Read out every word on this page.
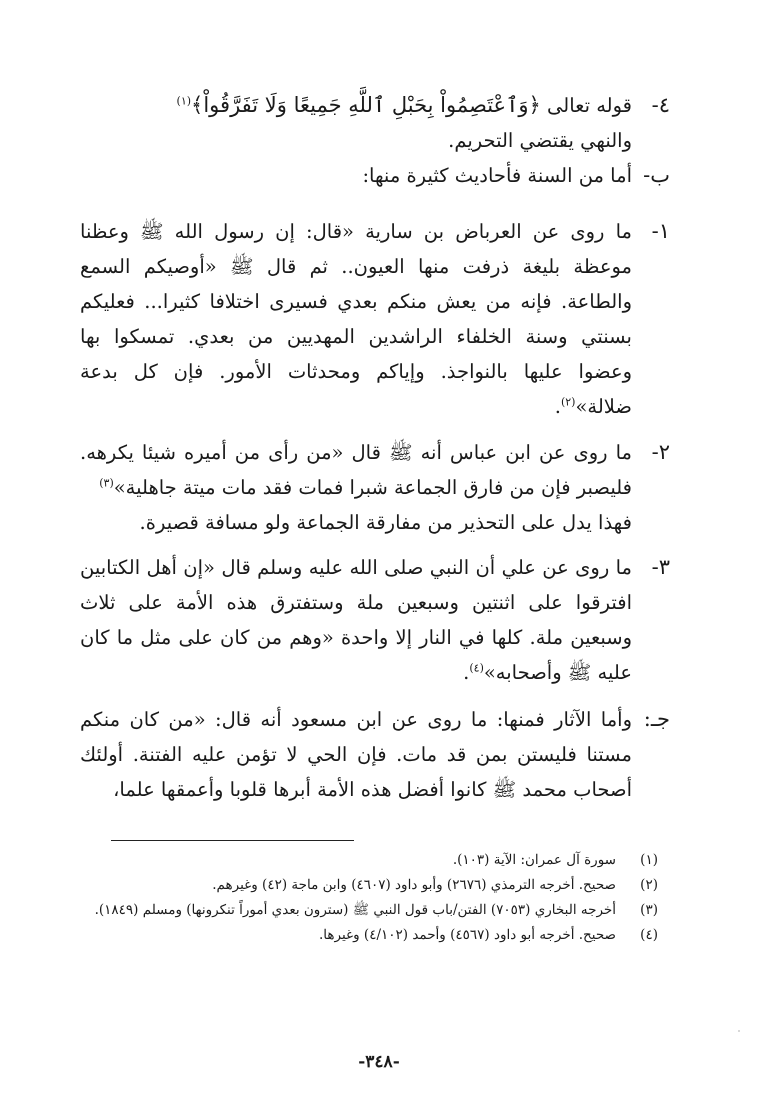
٤-
قوله تعالى ﴿وَٱعْتَصِمُواْ بِحَبْلِ ٱللَّهِ جَمِيعًا وَلَا تَفَرَّقُواْ﴾$^{(١)}$
والنهي يقتضي التحريم.
ب-
أما من السنة فأحاديث كثيرة منها:
١-
ما روى عن العرباض بن سارية «قال: إن رسول الله ﷺ وعظنا موعظة بليغة ذرفت منها العيون.. ثم قال ﷺ «أوصيكم السمع والطاعة. فإنه من يعش منكم بعدي فسيرى اختلافا كثيرا... فعليكم بسنتي وسنة الخلفاء الراشدين المهديين من بعدي. تمسكوا بها وعضوا عليها بالنواجذ. وإياكم ومحدثات الأمور. فإن كل بدعة ضلالة»$^{(٢)}$.
٢-
ما روى عن ابن عباس أنه ﷺ قال «من رأى من أميره شيئا يكرهه. فليصبر فإن من فارق الجماعة شبرا فمات فقد مات ميتة جاهلية»$^{(٣)}$
فهذا يدل على التحذير من مفارقة الجماعة ولو مسافة قصيرة.
٣-
ما روى عن علي أن النبي صلى الله عليه وسلم قال «إن أهل الكتابين افترقوا على اثنتين وسبعين ملة وستفترق هذه الأمة على ثلاث وسبعين ملة. كلها في النار إلا واحدة «وهم من كان على مثل ما كان عليه ﷺ وأصحابه»$^{(٤)}$.
جـ:
وأما الآثار فمنها: ما روى عن ابن مسعود أنه قال: «من كان منكم مستنا فليستن بمن قد مات. فإن الحي لا تؤمن عليه الفتنة. أولئك أصحاب محمد ﷺ كانوا أفضل هذه الأمة أبرها قلوبا وأعمقها علما،
(١)
سورة آل عمران: الآية (١٠٣).
(٢)
صحيح. أخرجه الترمذي (٢٦٧٦) وأبو داود (٤٦٠٧) وابن ماجة (٤٢) وغيرهم.
(٣)
أخرجه البخاري (٧٠٥٣) الفتن/باب قول النبي ﷺ (سترون بعدي أموراً تنكرونها) ومسلم (١٨٤٩).
(٤)
صحيح. أخرجه أبو داود (٤٥٦٧) وأحمد (٤/١٠٢) وغيرها.
-٣٤٨-
